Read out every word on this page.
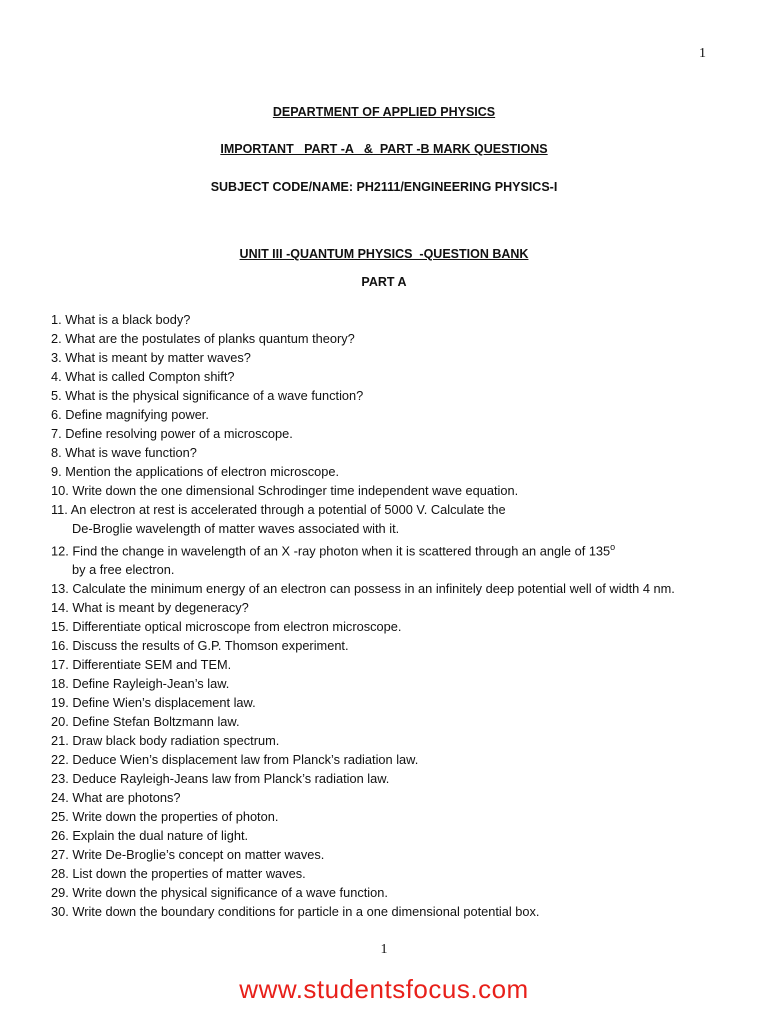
1
DEPARTMENT OF APPLIED PHYSICS
IMPORTANT   PART -A   &  PART -B MARK QUESTIONS
SUBJECT CODE/NAME: PH2111/ENGINEERING PHYSICS-I
UNIT III -QUANTUM PHYSICS  -QUESTION BANK
PART A
1. What is a black body?
2. What are the postulates of planks quantum theory?
3. What is meant by matter waves?
4. What is called Compton shift?
5. What is the physical significance of a wave function?
6. Define magnifying power.
7. Define resolving power of a microscope.
8. What is wave function?
9. Mention the applications of electron microscope.
10. Write down the one dimensional Schrodinger time independent wave equation.
11. An electron at rest is accelerated through a potential of 5000 V. Calculate the
De-Broglie wavelength of matter waves associated with it.
12. Find the change in wavelength of an X -ray photon when it is scattered through an angle of 135$^o$
by a free electron.
13. Calculate the minimum energy of an electron can possess in an infinitely deep potential well of width 4 nm.
14. What is meant by degeneracy?
15. Differentiate optical microscope from electron microscope.
16. Discuss the results of G.P. Thomson experiment.
17. Differentiate SEM and TEM.
18. Define Rayleigh-Jean’s law.
19. Define Wien’s displacement law.
20. Define Stefan Boltzmann law.
21. Draw black body radiation spectrum.
22. Deduce Wien’s displacement law from Planck’s radiation law.
23. Deduce Rayleigh-Jeans law from Planck’s radiation law.
24. What are photons?
25. Write down the properties of photon.
26. Explain the dual nature of light.
27. Write De-Broglie’s concept on matter waves.
28. List down the properties of matter waves.
29. Write down the physical significance of a wave function.
30. Write down the boundary conditions for particle in a one dimensional potential box.
1
www.studentsfocus.com
